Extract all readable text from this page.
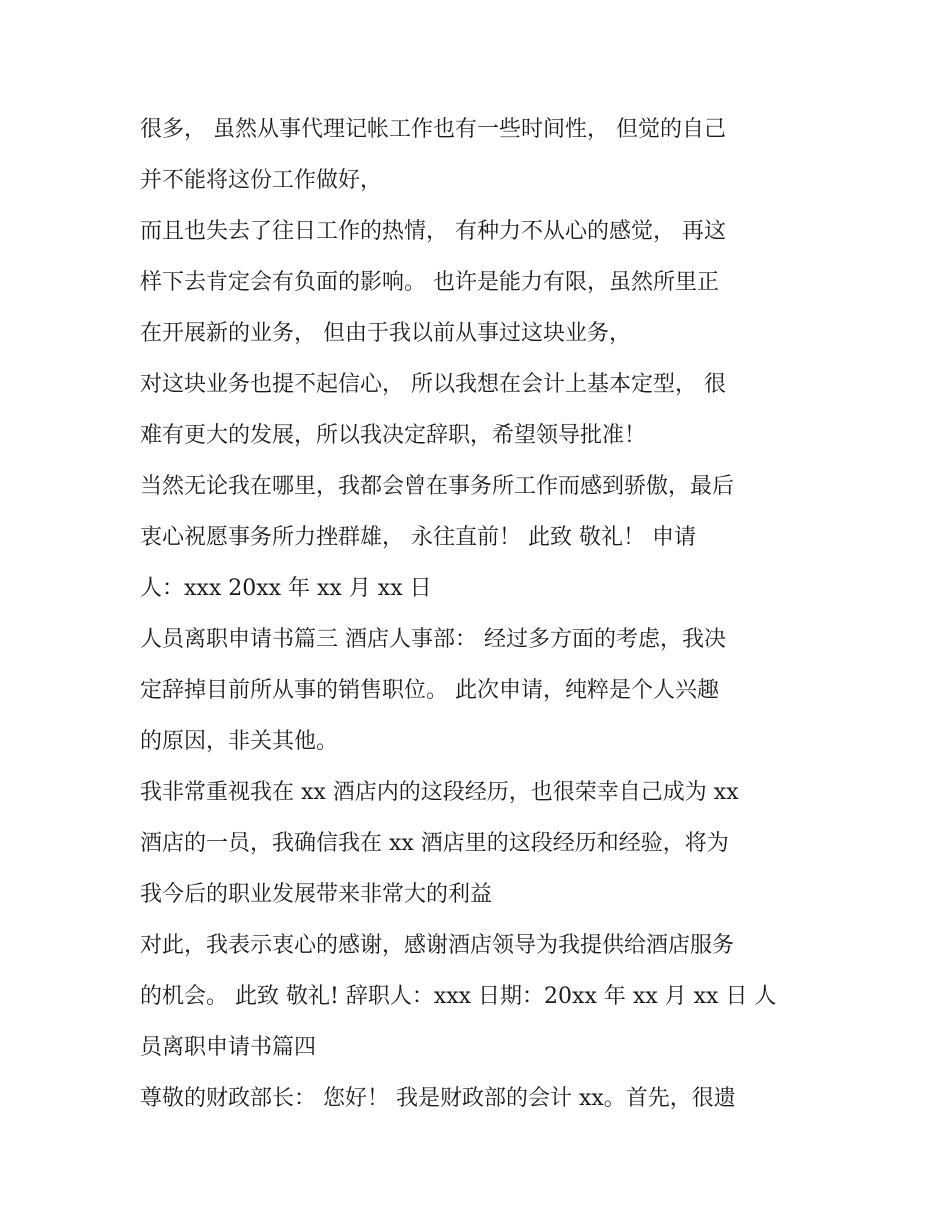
很多， 虽然从事代理记帐工作也有一些时间性， 但觉的自己
并不能将这份工作做好，
而且也失去了往日工作的热情， 有种力不从心的感觉， 再这
样下去肯定会有负面的影响。 也许是能力有限，虽然所里正
在开展新的业务， 但由于我以前从事过这块业务，
对这块业务也提不起信心， 所以我想在会计上基本定型， 很
难有更大的发展，所以我决定辞职，希望领导批准！
当然无论我在哪里，我都会曾在事务所工作而感到骄傲，最后
衷心祝愿事务所力挫群雄， 永往直前！ 此致 敬礼！ 申请
人：xxx 20xx 年 xx 月 xx 日
人员离职申请书篇三 酒店人事部： 经过多方面的考虑，我决
定辞掉目前所从事的销售职位。 此次申请，纯粹是个人兴趣
的原因，非关其他。
我非常重视我在 xx 酒店内的这段经历，也很荣幸自己成为 xx
酒店的一员，我确信我在 xx 酒店里的这段经历和经验，将为
我今后的职业发展带来非常大的利益
对此，我表示衷心的感谢，感谢酒店领导为我提供给酒店服务
的机会。 此致 敬礼! 辞职人：xxx 日期：20xx 年 xx 月 xx 日 人
员离职申请书篇四
尊敬的财政部长： 您好！ 我是财政部的会计 xx。首先，很遗
